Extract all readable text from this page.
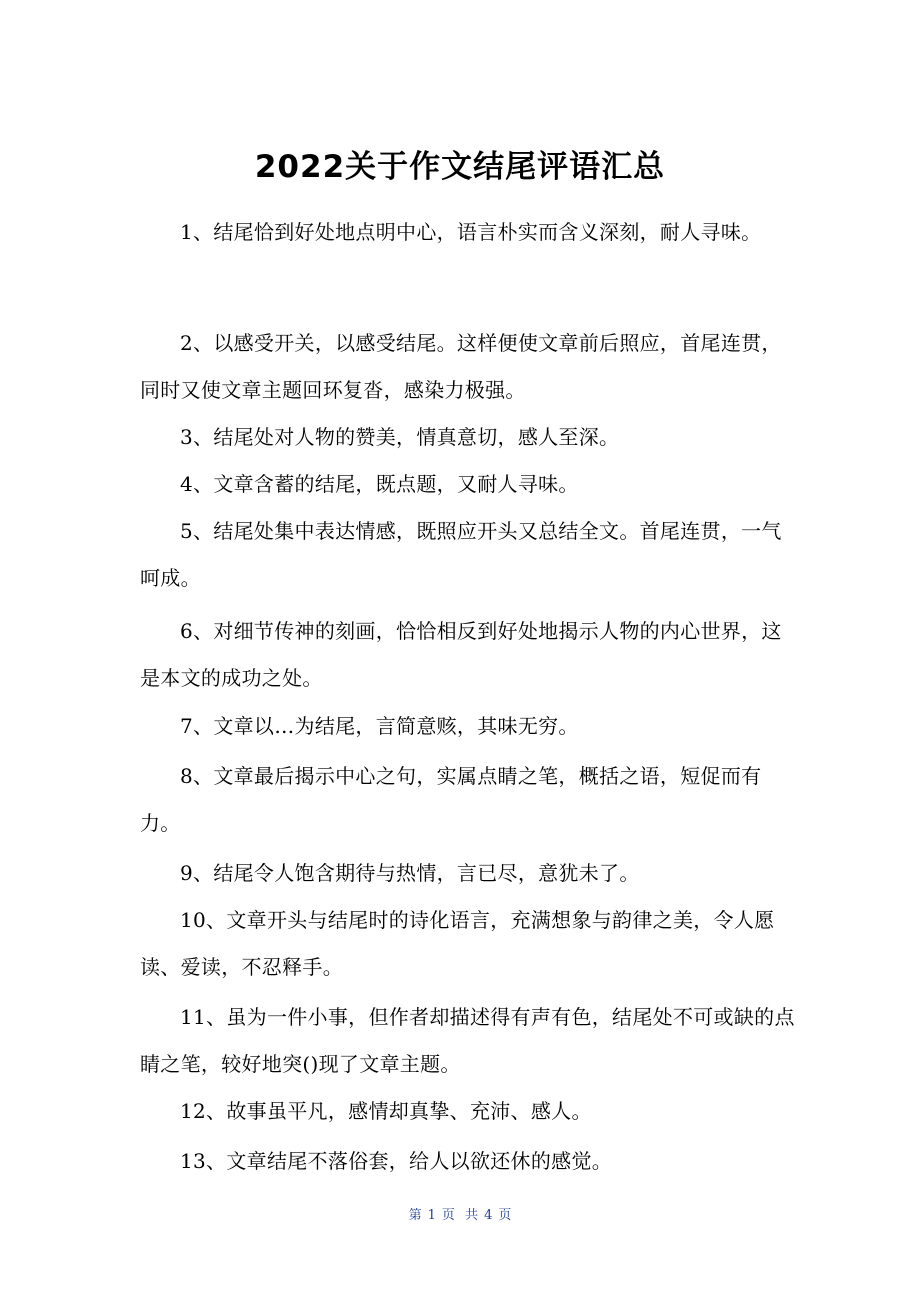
2022关于作文结尾评语汇总

1、结尾恰到好处地点明中心，语言朴实而含义深刻，耐人寻味。

2、以感受开关，以感受结尾。这样便使文章前后照应，首尾连贯，同时又使文章主题回环复沓，感染力极强。

3、结尾处对人物的赞美，情真意切，感人至深。

4、文章含蓄的结尾，既点题，又耐人寻味。

5、结尾处集中表达情感，既照应开头又总结全文。首尾连贯，一气呵成。

6、对细节传神的刻画，恰恰相反到好处地揭示人物的内心世界，这是本文的成功之处。

7、文章以…为结尾，言简意赅，其味无穷。

8、文章最后揭示中心之句，实属点睛之笔，概括之语，短促而有力。

9、结尾令人饱含期待与热情，言已尽，意犹未了。

10、文章开头与结尾时的诗化语言，充满想象与韵律之美，令人愿读、爱读，不忍释手。

11、虽为一件小事，但作者却描述得有声有色，结尾处不可或缺的点睛之笔，较好地突()现了文章主题。

12、故事虽平凡，感情却真挚、充沛、感人。

13、文章结尾不落俗套，给人以欲还休的感觉。

第 1 页 共 4 页
